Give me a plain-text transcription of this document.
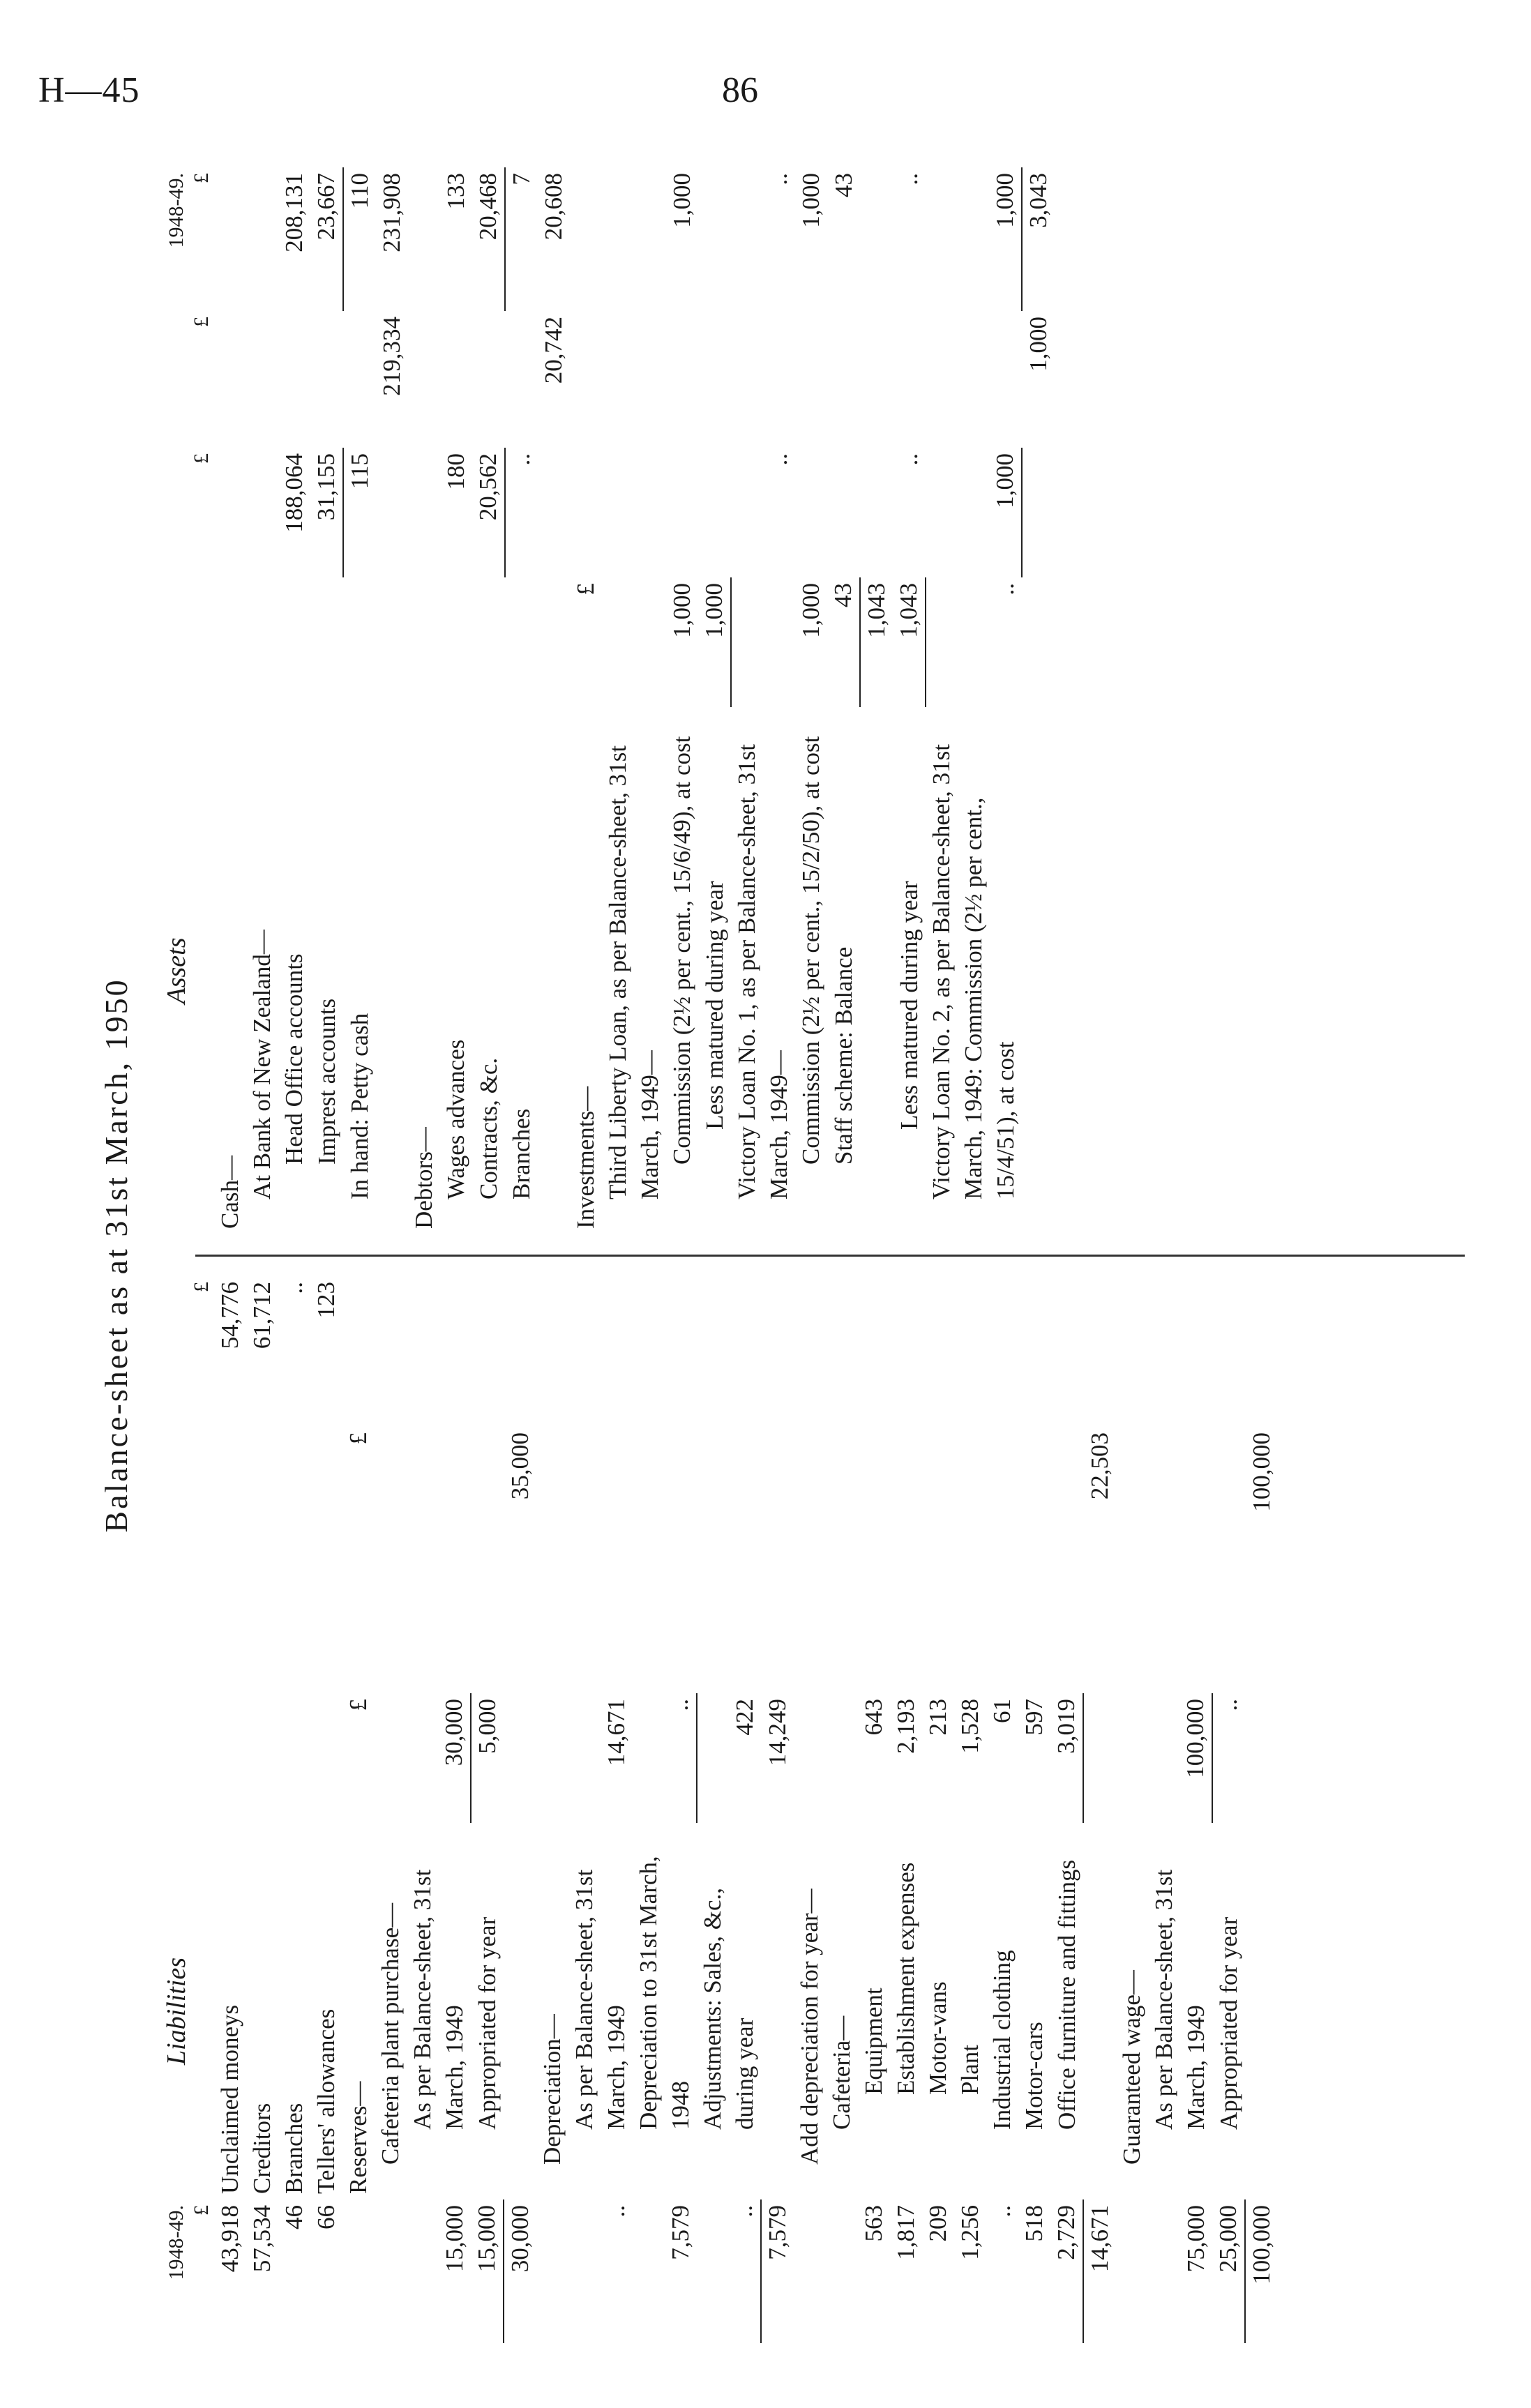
H—45	86
Balance-sheet as at 31st March, 1950
1948-49.	Liabilities				
£					£
43,918	Unclaimed moneys				54,776
57,534	Creditors				61,712
46	Branches				..
66	Tellers' allowances				123
	Reserves—	£		£	
	Cafeteria plant purchase—				
15,000	As per Balance-sheet, 31st March, 1949	30,000			
15,000	Appropriated for year	5,000			
30,000				35,000	
	Depreciation—				
..	As per Balance-sheet, 31st March, 1949	14,671			
7,579	Depreciation to 31st March, 1948	..			
..	Adjustments: Sales, &c., during year	422			
7,579		14,249			
	Add depreciation for year—				
	Cafeteria—				
563	Equipment	643			
1,817	Establishment expenses	2,193			
209	Motor-vans	213			
1,256	Plant	1,528			
..	Industrial clothing	61			
518	Motor-cars	597			
2,729	Office furniture and fittings	3,019			
14,671				22,503	
	Guaranteed wage—				
75,000	As per Balance-sheet, 31st March, 1949	100,000			
25,000	Appropriated for year	..			
100,000				100,000	
Assets				1948-49.
		£	£	£
Cash—				
At Bank of New Zealand—				
Head Office accounts		188,064		208,131
Imprest accounts		31,155		23,667
In hand: Petty cash		115		110
			219,334	231,908
Debtors—				
Wages advances		180		133
Contracts, &c.		20,562		20,468
Branches		..		7
			20,742	20,608
Investments—	£			
Third Liberty Loan, as per Balance-sheet, 31st March, 1949—				
Commission (2½ per cent., 15/6/49), at cost	1,000			1,000
Less matured during year	1,000			
Victory Loan No. 1, as per Balance-sheet, 31st March, 1949—		..		..
Commission (2½ per cent., 15/2/50), at cost	1,000			1,000
Staff scheme: Balance	43			43
	1,043			
Less matured during year	1,043	..		..
Victory Loan No. 2, as per Balance-sheet, 31st March, 1949: Commission (2½ per cent., 15/4/51), at cost	..	1,000		1,000
			1,000	3,043
